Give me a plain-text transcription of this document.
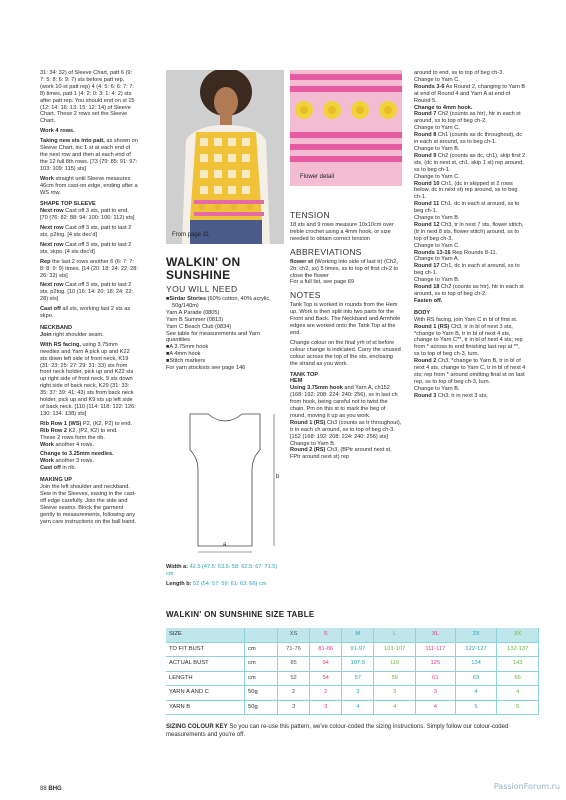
31: 34: 32) of Sleeve Chart, patt 6 (9: 7: 5: 8: 6: 9: 7) sts before patt rep, (work 10-st patt rep) 4 (4: 5: 6: 6: 7: 7: 8) times, patt 1 (4: 2: 0: 3: 1: 4: 2) sts after patt rep. You should end on st 15 (12: 14: 16: 13: 15: 12: 14) of Sleeve Chart. These 2 rows set the Sleeve Chart.

Work 4 rows.

Taking new sts into patt, as shown on Sleeve Chart, inc 1 st at each end of the next row and then at each end of the 12 full 8th rows. [73 (79: 85: 91: 97: 103: 109: 115) sts]

Work straight until Sleeve measures 46cm from cast-on edge, ending after a WS row.

SHAPE TOP SLEEVE

Next row Cast off 3 sts, patt to end. [70 (76: 82: 88: 94: 100: 106: 112) sts]

Next row Cast off 3 sts, patt to last 2 sts, p2tog. [4 sts dec'd]

Next row Cast off 3 sts, patt to last 2 sts, skpo. [4 sts dec'd]

Rep the last 2 rows another 6 (6: 7: 7: 8: 8: 9: 9) times. [14 (20: 18: 24: 22: 28: 26: 32) sts]

Next row Cast off 3 sts, patt to last 2 sts, p2tog. [10 (16: 14: 20: 18: 24: 22: 28) sts]

Cast off all sts, working last 2 sts as skpo.

NECKBAND

Join right shoulder seam.

With RS facing, using 3.75mm needles and Yarn A pick up and K22 sts down left side of front neck, K19 (31: 23: 25: 27: 29: 31: 33) sts from front neck holder, pick up and K22 sts up right side of front neck, 9 sts down right side of back neck, K29 (31: 33: 35: 37: 39: 41: 43) sts from back neck holder, pick up and K9 sts up left side of back neck. [110 (114: 118: 122: 126: 130: 134: 138) sts]

Rib Row 1 (WS) P2, (K2, P2) to end.

Rib Row 2 K2, (P2, K2) to end.

These 2 rows form the rib.

Work another 4 rows.

Change to 3.25mm needles.

Work another 3 rows.

Cast off in rib.

MAKING UP

Join the left shoulder and neckband. Sew in the Sleeves, easing in the cast-off edge carefully. Join the side and Sleeve seams. Block the garment gently to measurements, following any yarn care instructions on the ball band.

From page 31
Flower detail
WALKIN' ON
SUNSHINE
YOU WILL NEED
■Sirdar Stories (60% cotton, 40% acrylic, 50g/140m)
Yarn A Parade (0805)
Yarn B Summer (0813)
Yarn C Beach Club (0834)
See table for measurements and Yarn quantities
■A 3.75mm hook
■A 4mm hook
■Stitch markers
For yarn stockists see page 146
a
b
Width a: 42.5 (47.5: 53.5: 58: 62.5: 67: 71.5) cm
Length b: 52 (54: 57: 59: 61: 63: 66) cm
TENSION

18 sts and 9 rows measure 10x10cm over treble crochet using a 4mm hook, or size needed to obtain correct tension

ABBREVIATIONS

flower st (Working into side of last tr) (Ch2, 2tr, ch2, ss) 5 times, ss to top of first ch-2 to close the flower

For a full list, see page 69

NOTES

Tank Top is worked in rounds from the Hem up. Work is then split into two parts for the Front and Back. The Neckband and Armhole edges are worked onto the Tank Top at the end.

Change colour on the final yrh of st before colour change is indicated. Carry the unused colour across the top of the sts, enclosing the strand as you work.

TANK TOP
HEM

Using 3.75mm hook and Yarn A, ch152 (168: 192: 208: 224: 240: 256), ss in last ch from hook, being careful not to twist the chain. Pm on this st to mark the beg of round, moving it up as you work.

Round 1 (RS) Ch3 (counts as tr throughout), tr in each ch around, ss to top of beg ch-3. [152 (168: 192: 208: 224: 240: 256) sts]

Change to Yarn B.

Round 2 (RS) Ch3, (BPtr around next st, FPtr around next st) rep

around to end, ss to top of beg ch-3.
Change to Yarn C.
Rounds 3-6 As Round 2, changing to Yarn B at end of Round 4 and Yarn A at end of Round 5.
Change to 4mm hook.
Round 7 Ch2 (counts as htr), htr in each st around, ss to top of beg ch-2.
Change to Yarn C.
Round 8 Ch1 (counts as dc throughout), dc in each st around, ss to beg ch-1.
Change to Yarn B.
Round 9 Ch2 (counts as dc, ch1), skip first 2 sts, (dc in next st, ch1, skip 1 st) rep around, ss to beg ch-1.
Change to Yarn C.
Round 10 Ch1, (dc in skipped st 2 rows below, dc in next st) rep around, ss to beg ch-1.
Round 11 Ch1, dc in each st around, ss to beg ch-1.
Change to Yarn B.
Round 12 Ch3, tr in next 7 sts, flower stitch, (tr in next 8 sts, flower stitch) around, ss to top of beg ch-3.
Change to Yarn C.
Rounds 13-16 Rep Rounds 8-11.
Change to Yarn A.
Round 17 Ch1, dc in each st around, ss to beg ch-1.
Change to Yarn B.
Round 18 Ch2 (counts as htr), htr in each st around, ss to top of beg ch-2.
Fasten off.
BODY
With RS facing, join Yarn C in bl of first st.
Round 1 (RS) Ch3, tr in bl of next 3 sts, *change to Yarn B, tr in bl of next 4 sts, change to Yarn C**, tr in bl of next 4 sts; rep from * across to end finishing last rep at **, ss to top of beg ch-3, turn.
Round 2 Ch3, *change to Yarn B, tr in bl of next 4 sts, change to Yarn C, tr in bl of next 4 sts; rep from * around omitting final st on last rep, ss to top of beg ch-3, turn.
Change to Yarn B.
Round 3 Ch3, tr in next 3 sts,
WALKIN' ON SUNSHINE SIZE TABLE
SIZE		XS	S	M	L	XL	2X	3X
TO FIT BUST	cm	71-76	81-86	91-97	101-107	111-117	122-127	132-137
ACTUAL BUST	cm	85	94	107.5	116	125	134	143
LENGTH	cm	52	54	57	59	61	63	66
YARN A AND C	50g	2	2	3	3	3	4	4
YARN B	50g	3	3	4	4	4	5	5
SIZING COLOUR KEY So you can re-use this pattern, we've colour-coded the sizing instructions. Simply follow our colour-coded measurements and you're off.
88 BHG	PassionForum.ru
